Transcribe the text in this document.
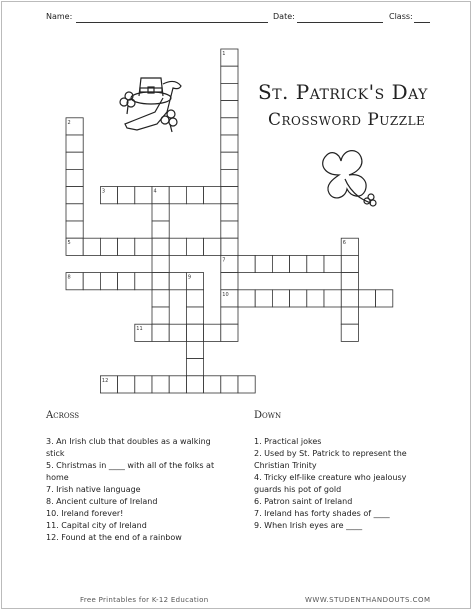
Name:	Date:	Class:
St. Patrick's Day
Crossword Puzzle
1
7
2
3	4
5	6
10
8	9
11
12
Across
3. An Irish club that doubles as a walking stick
5. Christmas in ____ with all of the folks at home
7. Irish native language
8. Ancient culture of Ireland
10. Ireland forever!
11. Capital city of Ireland
12. Found at the end of a rainbow
Down
1. Practical jokes
2. Used by St. Patrick to represent the Christian Trinity
4. Tricky elf-like creature who jealousy guards his pot of gold
6. Patron saint of Ireland
7. Ireland has forty shades of ____
9. When Irish eyes are ____
Free Printables for K-12 Education	WWW.STUDENTHANDOUTS.COM
